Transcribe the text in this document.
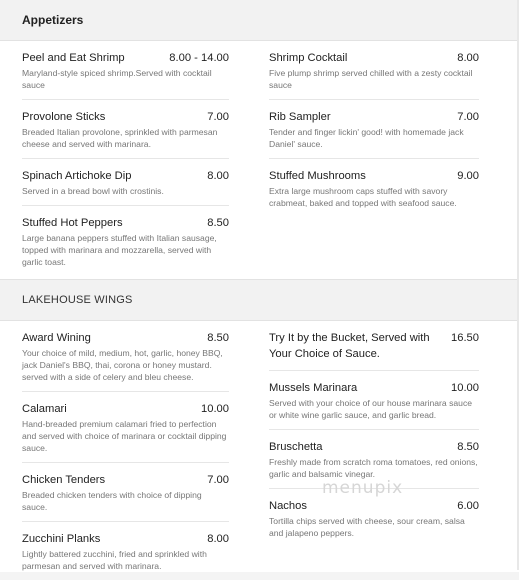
Appetizers
Peel and Eat Shrimp	8.00 - 14.00
Maryland-style spiced shrimp.Served with cocktail sauce
Provolone Sticks	7.00
Breaded Italian provolone, sprinkled with parmesan cheese and served with marinara.
Spinach Artichoke Dip	8.00
Served in a bread bowl with crostinis.
Stuffed Hot Peppers	8.50
Large banana peppers stuffed with Italian sausage, topped with marinara and mozzarella, served with garlic toast.
Shrimp Cocktail	8.00
Five plump shrimp served chilled with a zesty cocktail sauce
Rib Sampler	7.00
Tender and finger lickin' good! with homemade jack Daniel' sauce.
Stuffed Mushrooms	9.00
Extra large mushroom caps stuffed with savory crabmeat, baked and topped with seafood sauce.
LAKEHOUSE WINGS
Award Wining	8.50
Your choice of mild, medium, hot, garlic, honey BBQ, jack Daniel's BBQ, thai, corona or honey mustard. served with a side of celery and bleu cheese.
Calamari	10.00
Hand-breaded premium calamari fried to perfection and served with choice of marinara or cocktail dipping sauce.
Chicken Tenders	7.00
Breaded chicken tenders with choice of dipping sauce.
Zucchini Planks	8.00
Lightly battered zucchini, fried and sprinkled with parmesan and served with marinara.
Try It by the Bucket, Served with Your Choice of Sauce.
16.50
Mussels Marinara	10.00
Served with your choice of our house marinara sauce or white wine garlic sauce, and garlic bread.
Bruschetta	8.50
Freshly made from scratch roma tomatoes, red onions, garlic and balsamic vinegar.
Nachos	6.00
Tortilla chips served with cheese, sour cream, salsa and jalapeno peppers.
menupix
